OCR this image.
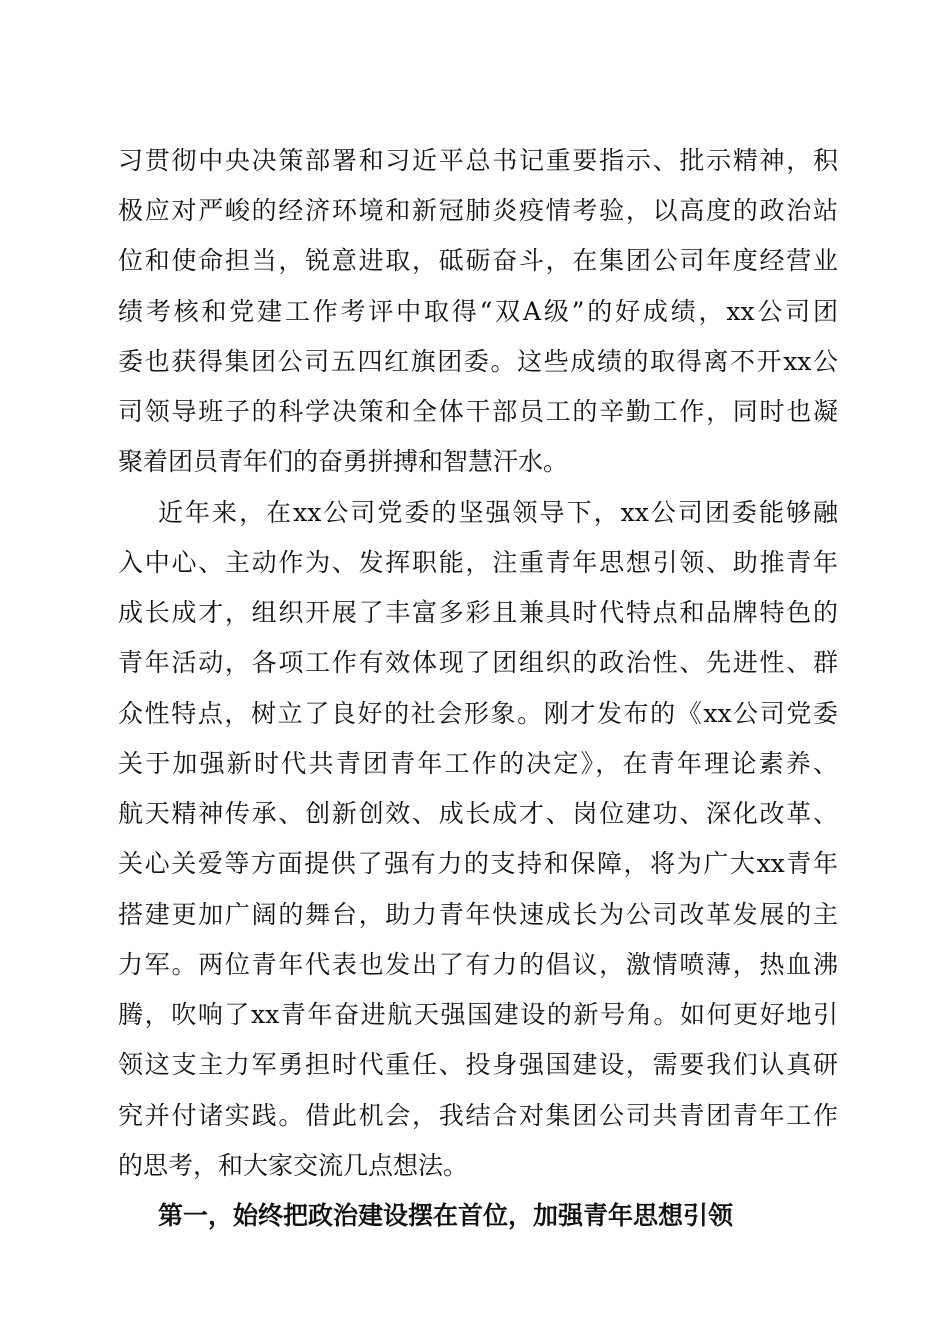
习贯彻中央决策部署和习近平总书记重要指示、批示精神，积

极应对严峻的经济环境和新冠肺炎疫情考验，以高度的政治站

位和使命担当，锐意进取，砥砺奋斗，在集团公司年度经营业

绩考核和党建工作考评中取得“双A级”的好成绩，xx公司团

委也获得集团公司五四红旗团委。这些成绩的取得离不开xx公

司领导班子的科学决策和全体干部员工的辛勤工作，同时也凝

聚着团员青年们的奋勇拼搏和智慧汗水。

近年来，在xx公司党委的坚强领导下，xx公司团委能够融

入中心、主动作为、发挥职能，注重青年思想引领、助推青年

成长成才，组织开展了丰富多彩且兼具时代特点和品牌特色的

青年活动，各项工作有效体现了团组织的政治性、先进性、群

众性特点，树立了良好的社会形象。刚才发布的《xx公司党委

关于加强新时代共青团青年工作的决定》，在青年理论素养、

航天精神传承、创新创效、成长成才、岗位建功、深化改革、

关心关爱等方面提供了强有力的支持和保障，将为广大xx青年

搭建更加广阔的舞台，助力青年快速成长为公司改革发展的主

力军。两位青年代表也发出了有力的倡议，激情喷薄，热血沸

腾，吹响了xx青年奋进航天强国建设的新号角。如何更好地引

领这支主力军勇担时代重任、投身强国建设，需要我们认真研

究并付诸实践。借此机会，我结合对集团公司共青团青年工作

的思考，和大家交流几点想法。

第一，始终把政治建设摆在首位，加强青年思想引领
